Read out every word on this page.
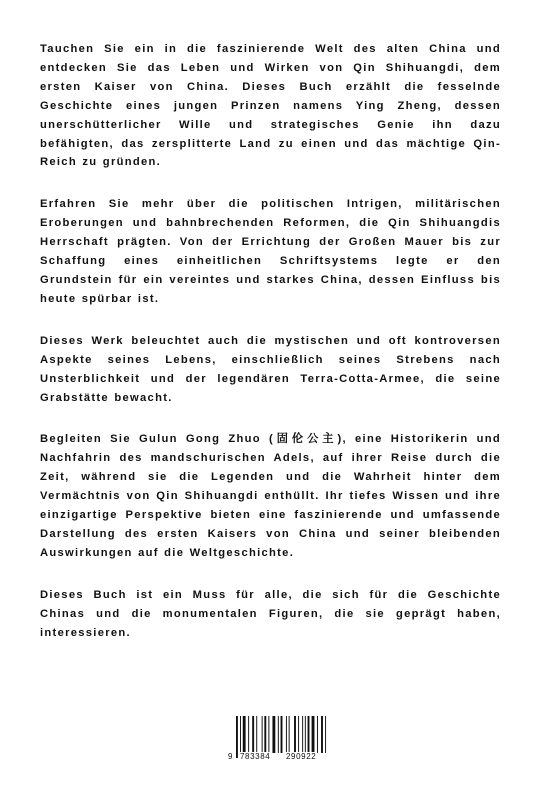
Tauchen Sie ein in die faszinierende Welt des alten China und entdecken Sie das Leben und Wirken von Qin Shihuangdi, dem ersten Kaiser von China. Dieses Buch erzählt die fesselnde Geschichte eines jungen Prinzen namens Ying Zheng, dessen unerschütterlicher Wille und strategisches Genie ihn dazu befähigten, das zersplitterte Land zu einen und das mächtige Qin-Reich zu gründen.

Erfahren Sie mehr über die politischen Intrigen, militärischen Eroberungen und bahnbrechenden Reformen, die Qin Shihuangdis Herrschaft prägten. Von der Errichtung der Großen Mauer bis zur Schaffung eines einheitlichen Schriftsystems legte er den Grundstein für ein vereintes und starkes China, dessen Einfluss bis heute spürbar ist.

Dieses Werk beleuchtet auch die mystischen und oft kontroversen Aspekte seines Lebens, einschließlich seines Strebens nach Unsterblichkeit und der legendären Terra-Cotta-Armee, die seine Grabstätte bewacht.

Begleiten Sie Gulun Gong Zhuo (固伦公主), eine Historikerin und Nachfahrin des mandschurischen Adels, auf ihrer Reise durch die Zeit, während sie die Legenden und die Wahrheit hinter dem Vermächtnis von Qin Shihuangdi enthüllt. Ihr tiefes Wissen und ihre einzigartige Perspektive bieten eine faszinierende und umfassende Darstellung des ersten Kaisers von China und seiner bleibenden Auswirkungen auf die Weltgeschichte.

Dieses Buch ist ein Muss für alle, die sich für die Geschichte Chinas und die monumentalen Figuren, die sie geprägt haben, interessieren.

9 783384 290922
